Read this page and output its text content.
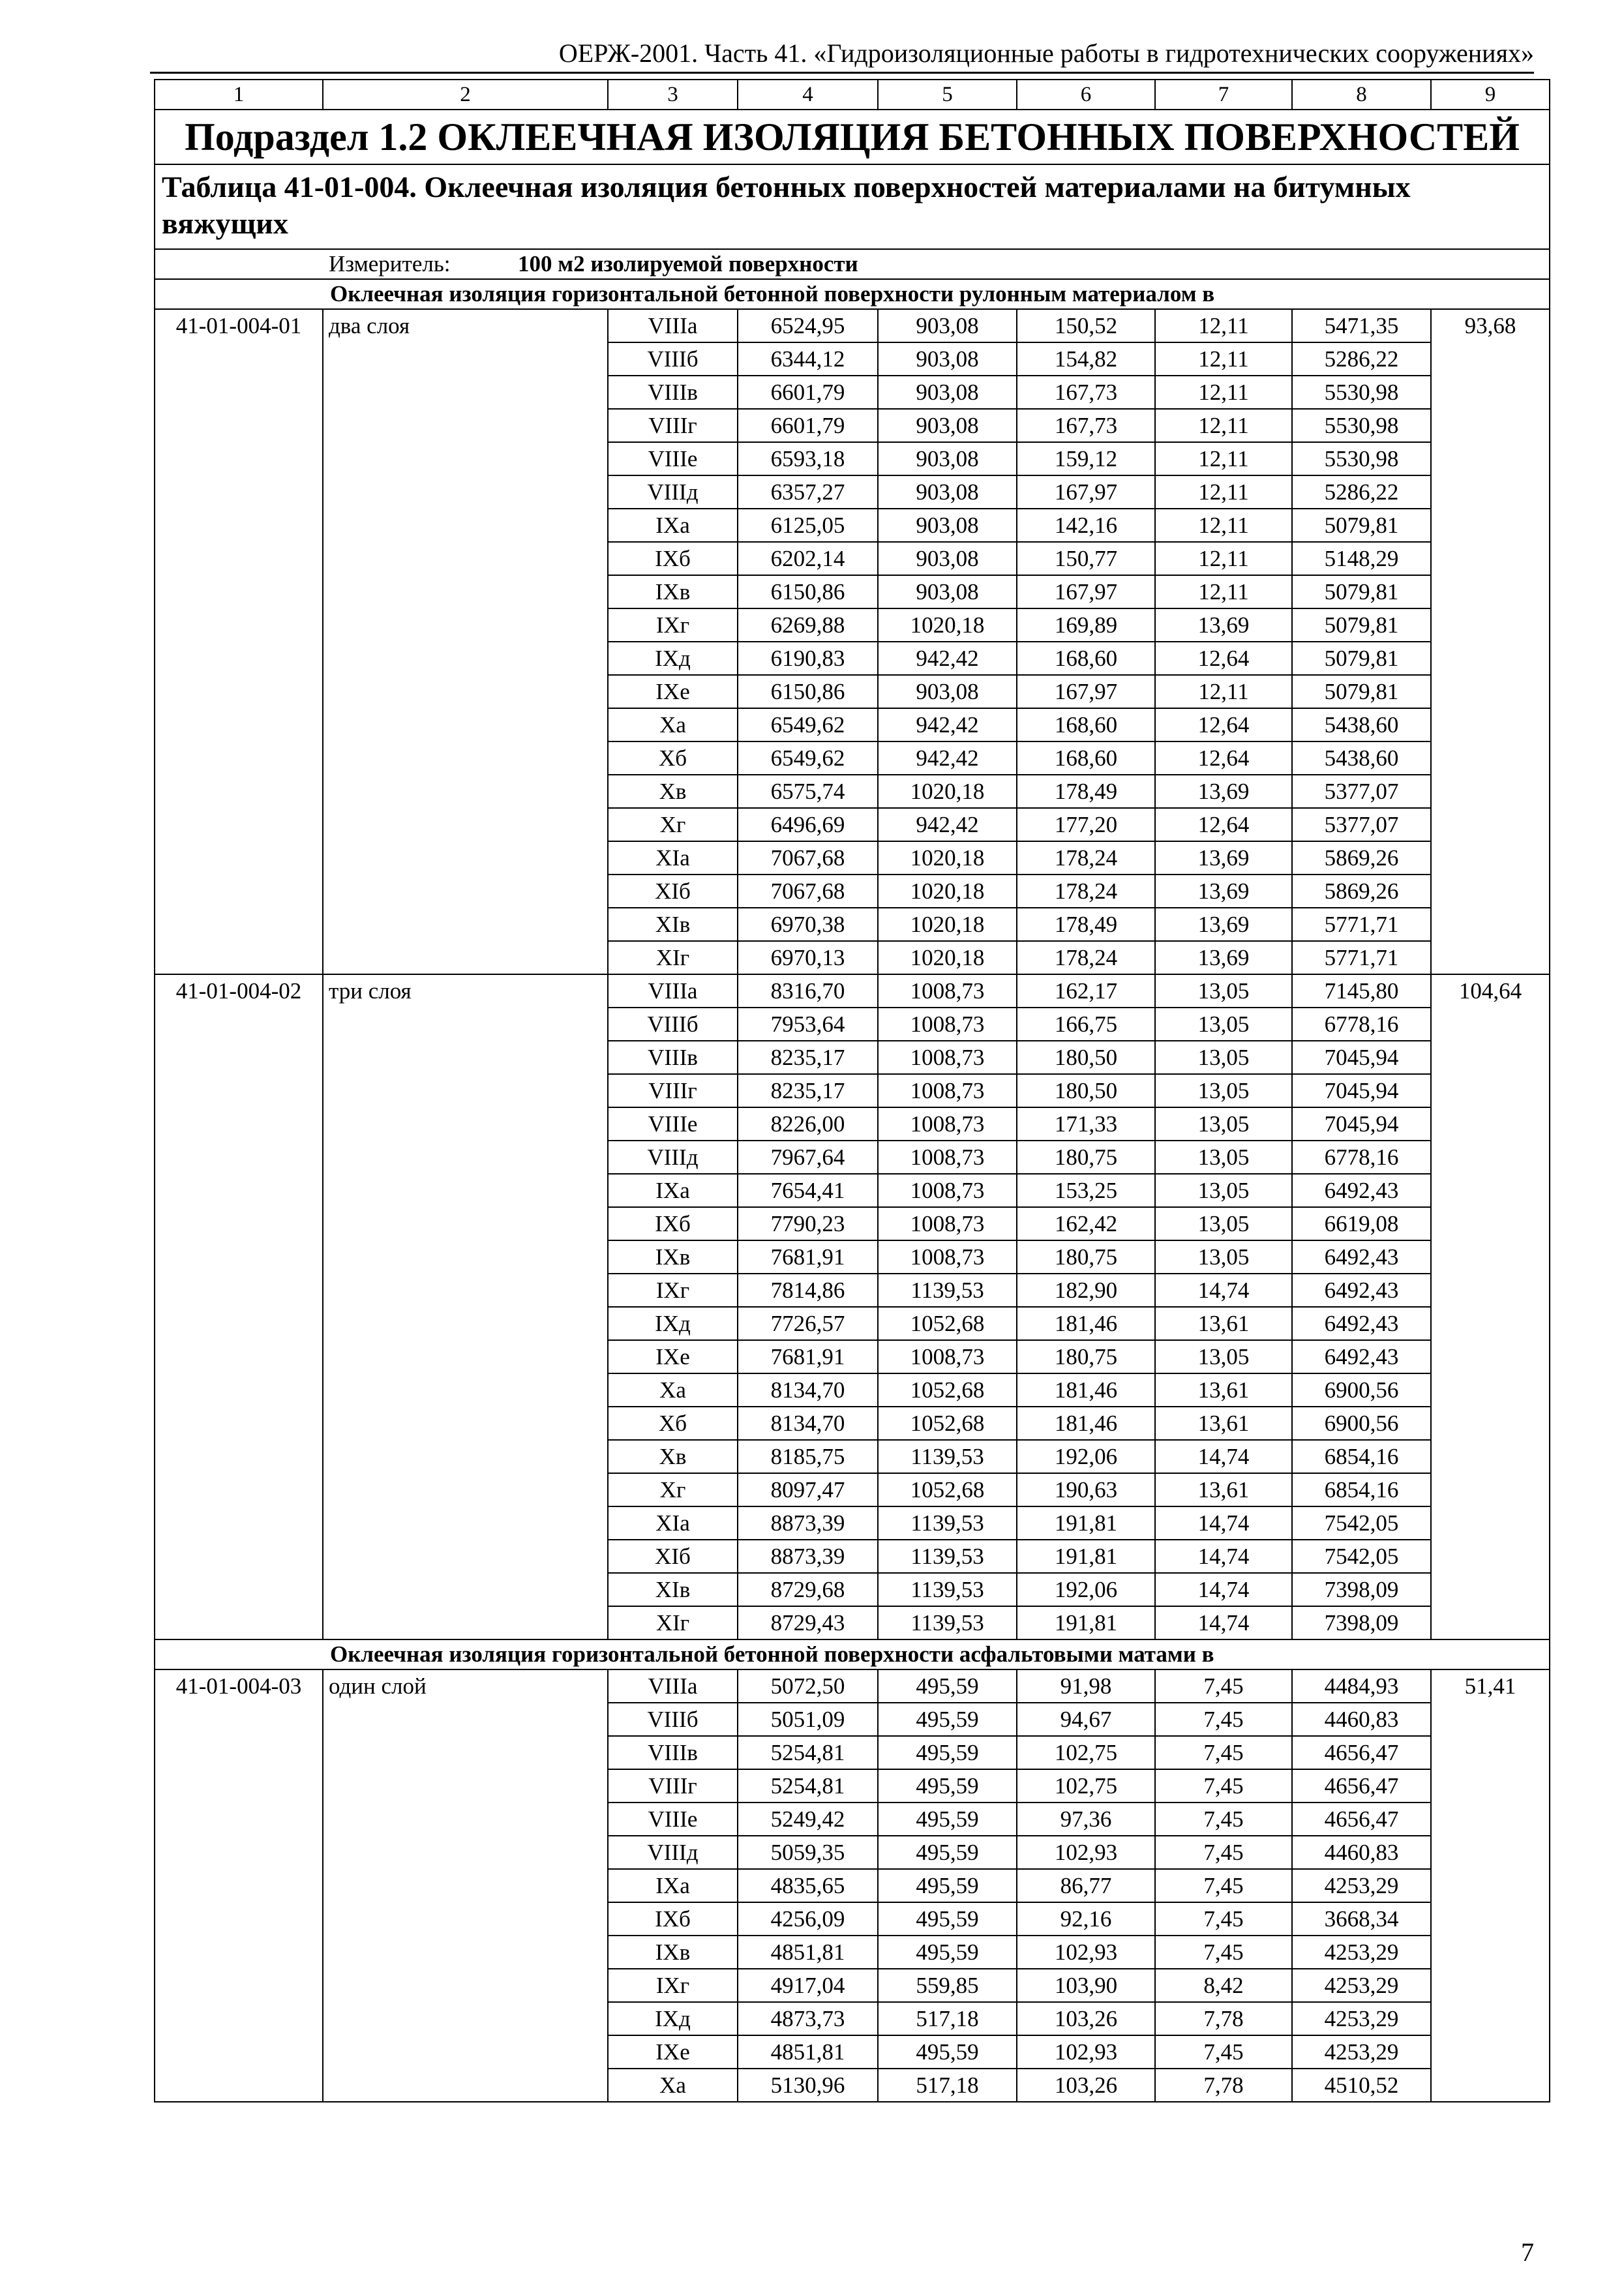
ОЕРЖ-2001. Часть 41. «Гидроизоляционные работы в гидротехнических сооружениях»
1	2	3	4	5	6	7	8	9
Подраздел 1.2 ОКЛЕЕЧНАЯ ИЗОЛЯЦИЯ БЕТОННЫХ ПОВЕРХНОСТЕЙ								
Таблица 41-01-004. Оклеечная изоляция бетонных поверхностей материалами на битумных вяжущих								
Измеритель: 100 м2 изолируемой поверхности								
Оклеечная изоляция горизонтальной бетонной поверхности рулонным материалом в								
41-01-004-01	два слоя	VIIIа	6524,95	903,08	150,52	12,11	5471,35	93,68
		VIIIб	6344,12	903,08	154,82	12,11	5286,22	
		VIIIв	6601,79	903,08	167,73	12,11	5530,98	
		VIIIг	6601,79	903,08	167,73	12,11	5530,98	
		VIIIе	6593,18	903,08	159,12	12,11	5530,98	
		VIIIд	6357,27	903,08	167,97	12,11	5286,22	
		IXа	6125,05	903,08	142,16	12,11	5079,81	
		IXб	6202,14	903,08	150,77	12,11	5148,29	
		IXв	6150,86	903,08	167,97	12,11	5079,81	
		IXг	6269,88	1020,18	169,89	13,69	5079,81	
		IXд	6190,83	942,42	168,60	12,64	5079,81	
		IXе	6150,86	903,08	167,97	12,11	5079,81	
		Xа	6549,62	942,42	168,60	12,64	5438,60	
		Xб	6549,62	942,42	168,60	12,64	5438,60	
		Xв	6575,74	1020,18	178,49	13,69	5377,07	
		Xг	6496,69	942,42	177,20	12,64	5377,07	
		XIа	7067,68	1020,18	178,24	13,69	5869,26	
		XIб	7067,68	1020,18	178,24	13,69	5869,26	
		XIв	6970,38	1020,18	178,49	13,69	5771,71	
		XIг	6970,13	1020,18	178,24	13,69	5771,71	
41-01-004-02	три слоя	VIIIа	8316,70	1008,73	162,17	13,05	7145,80	104,64
		VIIIб	7953,64	1008,73	166,75	13,05	6778,16	
		VIIIв	8235,17	1008,73	180,50	13,05	7045,94	
		VIIIг	8235,17	1008,73	180,50	13,05	7045,94	
		VIIIе	8226,00	1008,73	171,33	13,05	7045,94	
		VIIIд	7967,64	1008,73	180,75	13,05	6778,16	
		IXа	7654,41	1008,73	153,25	13,05	6492,43	
		IXб	7790,23	1008,73	162,42	13,05	6619,08	
		IXв	7681,91	1008,73	180,75	13,05	6492,43	
		IXг	7814,86	1139,53	182,90	14,74	6492,43	
		IXд	7726,57	1052,68	181,46	13,61	6492,43	
		IXе	7681,91	1008,73	180,75	13,05	6492,43	
		Xа	8134,70	1052,68	181,46	13,61	6900,56	
		Xб	8134,70	1052,68	181,46	13,61	6900,56	
		Xв	8185,75	1139,53	192,06	14,74	6854,16	
		Xг	8097,47	1052,68	190,63	13,61	6854,16	
		XIа	8873,39	1139,53	191,81	14,74	7542,05	
		XIб	8873,39	1139,53	191,81	14,74	7542,05	
		XIв	8729,68	1139,53	192,06	14,74	7398,09	
		XIг	8729,43	1139,53	191,81	14,74	7398,09	
Оклеечная изоляция горизонтальной бетонной поверхности асфальтовыми матами в								
41-01-004-03	один слой	VIIIа	5072,50	495,59	91,98	7,45	4484,93	51,41
		VIIIб	5051,09	495,59	94,67	7,45	4460,83	
		VIIIв	5254,81	495,59	102,75	7,45	4656,47	
		VIIIг	5254,81	495,59	102,75	7,45	4656,47	
		VIIIе	5249,42	495,59	97,36	7,45	4656,47	
		VIIIд	5059,35	495,59	102,93	7,45	4460,83	
		IXа	4835,65	495,59	86,77	7,45	4253,29	
		IXб	4256,09	495,59	92,16	7,45	3668,34	
		IXв	4851,81	495,59	102,93	7,45	4253,29	
		IXг	4917,04	559,85	103,90	8,42	4253,29	
		IXд	4873,73	517,18	103,26	7,78	4253,29	
		IXе	4851,81	495,59	102,93	7,45	4253,29	
		Xа	5130,96	517,18	103,26	7,78	4510,52	
7
